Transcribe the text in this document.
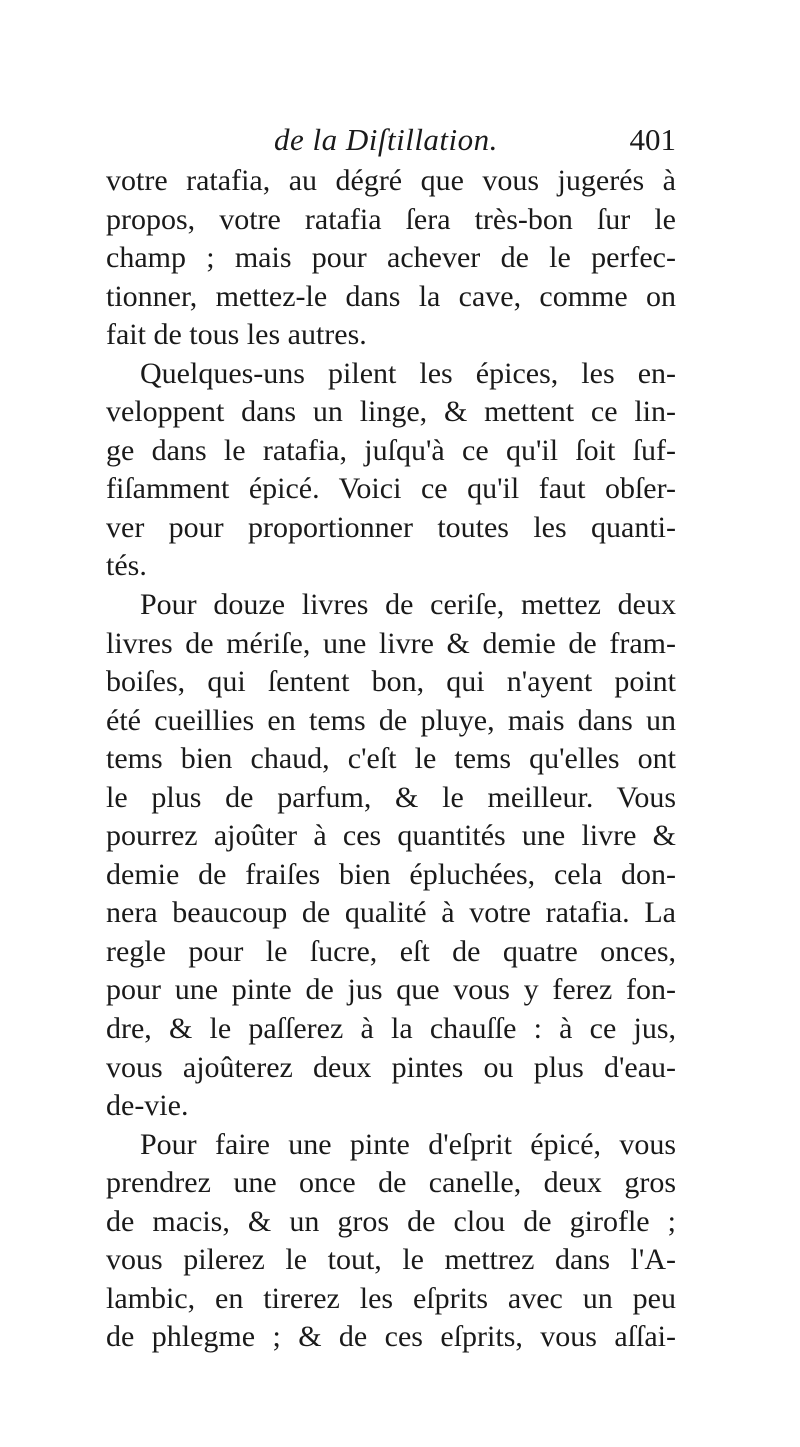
de la Diſtillation.	401
votre ratafia, au dégré que vous jugerés à
propos, votre ratafia ſera très-bon ſur le
champ ; mais pour achever de le perfec-
tionner, mettez-le dans la cave, comme on
fait de tous les autres.
Quelques-uns pilent les épices, les en-
veloppent dans un linge, & mettent ce lin-
ge dans le ratafia, juſqu'à ce qu'il ſoit ſuf-
fiſamment épicé. Voici ce qu'il faut obſer-
ver pour proportionner toutes les quanti-
tés.
Pour douze livres de ceriſe, mettez deux
livres de mériſe, une livre & demie de fram-
boiſes, qui ſentent bon, qui n'ayent point
été cueillies en tems de pluye, mais dans un
tems bien chaud, c'eſt le tems qu'elles ont
le plus de parfum, & le meilleur. Vous
pourrez ajoûter à ces quantités une livre &
demie de fraiſes bien épluchées, cela don-
nera beaucoup de qualité à votre ratafia. La
regle pour le ſucre, eſt de quatre onces,
pour une pinte de jus que vous y ferez fon-
dre, & le paſſerez à la chauſſe : à ce jus,
vous ajoûterez deux pintes ou plus d'eau-
de-vie.
Pour faire une pinte d'eſprit épicé, vous
prendrez une once de canelle, deux gros
de macis, & un gros de clou de girofle ;
vous pilerez le tout, le mettrez dans l'A-
lambic, en tirerez les eſprits avec un peu
de phlegme ; & de ces eſprits, vous aſſai-
